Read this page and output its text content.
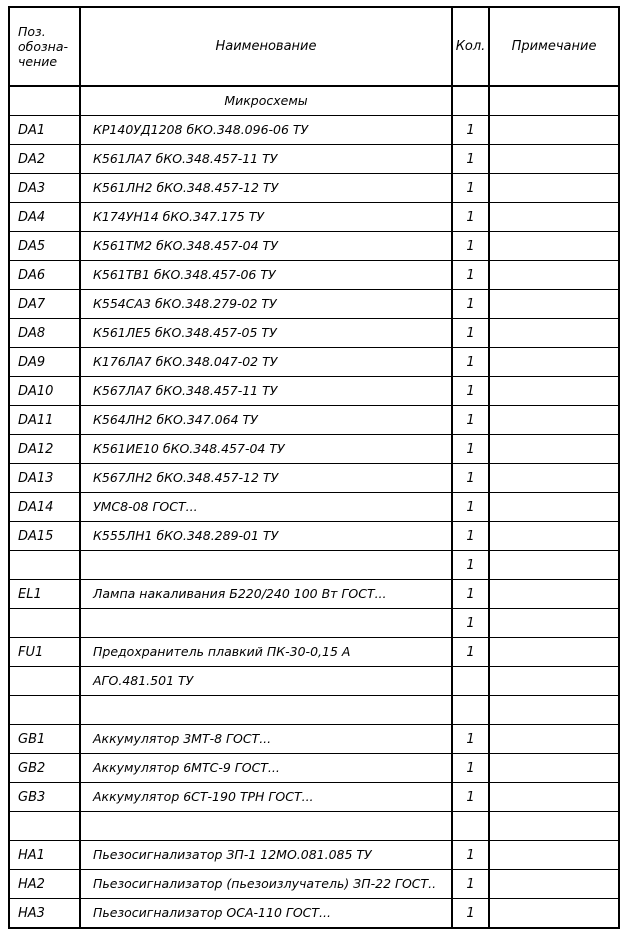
Поз. обозна- чение	Наименование	Кол.	Примечание
	Микросхемы		
DA1	КР140УД1208 бКО.348.096-06 ТУ	1	
DA2	К561ЛА7 бКО.348.457-11 ТУ	1	
DA3	К561ЛН2 бКО.348.457-12 ТУ	1	
DA4	К174УН14 бКО.347.175 ТУ	1	
DA5	К561ТМ2 бКО.348.457-04 ТУ	1	
DA6	К561ТВ1 бКО.348.457-06 ТУ	1	
DA7	К554СА3 бКО.348.279-02 ТУ	1	
DA8	К561ЛЕ5 бКО.348.457-05 ТУ	1	
DA9	К176ЛА7 бКО.348.047-02 ТУ	1	
DA10	К567ЛА7 бКО.348.457-11 ТУ	1	
DA11	К564ЛН2 бКО.347.064 ТУ	1	
DA12	К561ИЕ10 бКО.348.457-04 ТУ	1	
DA13	К567ЛН2 бКО.348.457-12 ТУ	1	
DA14	УМС8-08 ГОСТ...	1	
DA15	К555ЛН1 бКО.348.289-01 ТУ	1	
		1	
EL1	Лампа накаливания Б220/240 100 Вт ГОСТ...	1	
		1	
FU1	Предохранитель плавкий ПК-30-0,15 А	1	
	АГО.481.501 ТУ		

GB1	Аккумулятор 3МТ-8 ГОСТ...	1	
GB2	Аккумулятор 6МТС-9 ГОСТ...	1	
GB3	Аккумулятор 6СТ-190 ТРН ГОСТ...	1	

HA1	Пьезосигнализатор ЗП-1 12МО.081.085 ТУ	1	
HA2	Пьезосигнализатор (пьезоизлучатель) ЗП-22 ГОСТ..	1	
HA3	Пьезосигнализатор ОСА-110 ГОСТ...	1	
